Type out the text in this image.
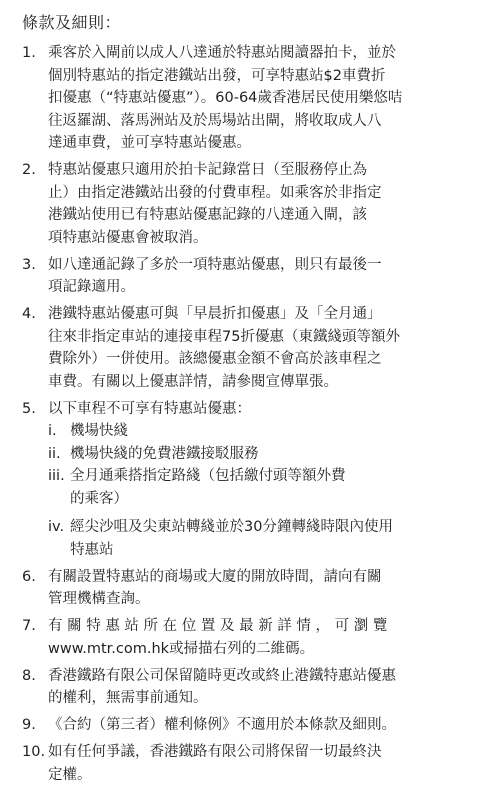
條款及細則：
1. 乘客於入閘前以成人八達通於特惠站閱讀器拍卡，並於
個別特惠站的指定港鐵站出發，可享特惠站$2車費折
扣優惠（“特惠站優惠”）。60-64歲香港居民使用樂悠咭
往返羅湖、落馬洲站及於馬場站出閘，將收取成人八
達通車費，並可享特惠站優惠。
2. 特惠站優惠只適用於拍卡記錄當日（至服務停止為
止）由指定港鐵站出發的付費車程。如乘客於非指定
港鐵站使用已有特惠站優惠記錄的八達通入閘，該
項特惠站優惠會被取消。
3. 如八達通記錄了多於一項特惠站優惠，則只有最後一
項記錄適用。
4. 港鐵特惠站優惠可與「早晨折扣優惠」及「全月通」
往來非指定車站的連接車程75折優惠（東鐵綫頭等額外
費除外）一併使用。該總優惠金額不會高於該車程之
車費。有關以上優惠詳情，請參閱宣傳單張。
5. 以下車程不可享有特惠站優惠：
i. 機場快綫
ii. 機場快綫的免費港鐵接駁服務
iii. 全月通乘搭指定路綫（包括繳付頭等額外費
的乘客）
iv. 經尖沙咀及尖東站轉綫並於30分鐘轉綫時限內使用
特惠站
6. 有關設置特惠站的商場或大廈的開放時間，請向有關
管理機構查詢。
7. 有 關 特 惠 站 所 在 位 置 及 最 新 詳 情 ， 可 瀏 覽
www.mtr.com.hk或掃描右列的二維碼。
8. 香港鐵路有限公司保留隨時更改或終止港鐵特惠站優惠
的權利，無需事前通知。
9. 《合約（第三者）權利條例》不適用於本條款及細則。
10. 如有任何爭議，香港鐵路有限公司將保留一切最終決
定權。
